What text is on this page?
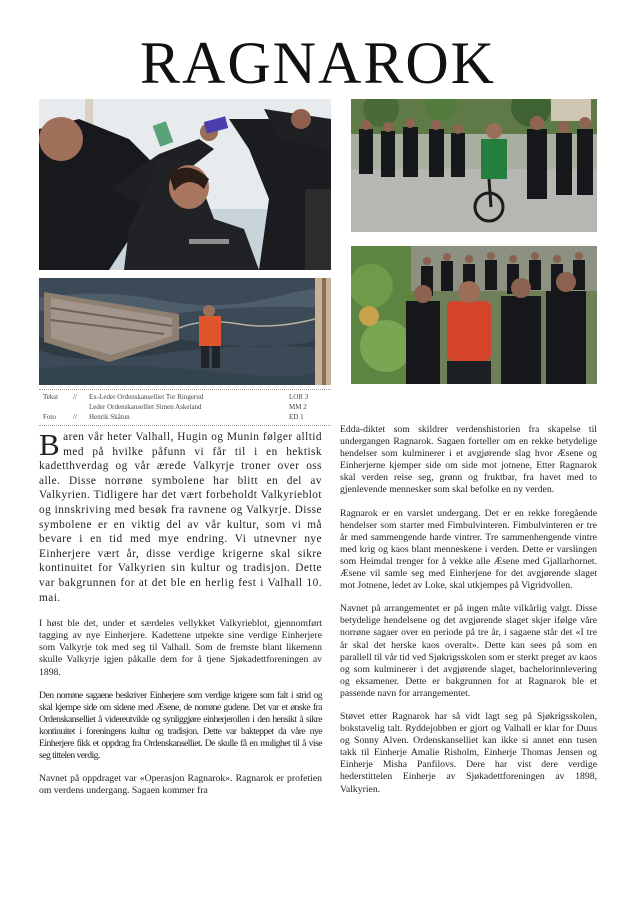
RAGNAROK
Tekst	//	Ex-Leder Ordenskanselliet Tor Ringerud	LOR 3
Leder Ordenskanselliet Simen Askeland	MM 2
Foto	//	Henrik Skåtun	ED 1

Baren vår heter Valhall, Hugin og Munin følger alltid med på hvilke påfunn vi får til i en hektisk kadetthverdag og vår ærede Valkyrje troner over oss alle. Disse norrøne symbolene har blitt en del av Valkyrien. Tidligere har det vært forbeholdt Valkyrieblot og innskriving med besøk fra ravnene og Valkyrje. Disse symbolene er en viktig del av vår kultur, som vi må bevare i en tid med mye endring. Vi utnevner nye Einherjere vært år, disse verdige krigerne skal sikre kontinuitet for Valkyrien sin kultur og tradisjon. Dette var bakgrunnen for at det ble en herlig fest i Valhall 10. mai.

I høst ble det, under et særdeles vellykket Valkyrieblot, gjennomført tagging av nye Einherjere. Kadettene utpekte sine verdige Einherjere som Valkyrje tok med seg til Valhall. Som de fremste blant likemenn skulle Valkyrje igjen påkalle dem for å tjene Sjøkadettforeningen av 1898.

Den norrøne sagaene beskriver Einherjere som verdige krigere som falt i strid og skal kjempe side om sidene med Æsene, de norrøne gudene. Det var et ønske fra Ordenskanselliet å videreutvikle og synliggjøre einherjerollen i den hensikt å sikre kontinuitet i foreningens kultur og tradisjon. Dette var bakteppet da våre nye Einherjere fikk et oppdrag fra Ordenskanselliet. De skulle få en mulighet til å vise seg tittelen verdig.

Navnet på oppdraget var «Operasjon Ragnarok». Ragnarok er profetien om verdens undergang. Sagaen kommer fra

Edda-diktet som skildrer verdenshistorien fra skapelse til undergangen Ragnarok. Sagaen forteller om en rekke betydelige hendelser som kulminerer i et avgjørende slag hvor Æsene og Einherjerne kjemper side om side mot jotnene, Etter Ragnarok skal verden reise seg, grønn og fruktbar, fra havet med to gjenlevende mennesker som skal befolke en ny verden.

Ragnarok er en varslet undergang. Det er en rekke foregående hendelser som starter med Fimbulvinteren. Fimbulvinteren er tre år med sammengende harde vintrer. Tre sammenhengende vintre med krig og kaos blant menneskene i verden. Dette er varslingen som Heimdal trenger for å vekke alle Æsene med Gjallarhornet. Æsene vil samle seg med Einherjene for det avgjørende slaget mot Jotnene, ledet av Loke, skal utkjempes på Vigridvollen.

Navnet på arrangementet er på ingen måte vilkårlig valgt. Disse betydelige hendelsene og det avgjørende slaget skjer ifølge våre norrøne sagaer over en periode på tre år, i sagaene står det «I tre år skal det herske kaos overalt». Dette kan sees på som en parallell til vår tid ved Sjøkrigsskolen som er sterkt preget av kaos og som kulminerer i det avgjørende slaget, bachelorinnlevering og eksamener. Dette er bakgrunnen for at Ragnarok ble et passende navn for arrangementet.

Støvet etter Ragnarok har så vidt lagt seg på Sjøkrigsskolen, bokstavelig talt. Ryddejobben er gjort og Valhall er klar for Duus og Sonny Alven. Ordenskanselliet kan ikke si annet enn tusen takk til Einherje Amalie Risholm, Einherje Thomas Jensen og Einherje Misha Panfilovs. Dere har vist dere verdige hederstittelen Einherje av Sjøkadettforeningen av 1898, Valkyrien.
